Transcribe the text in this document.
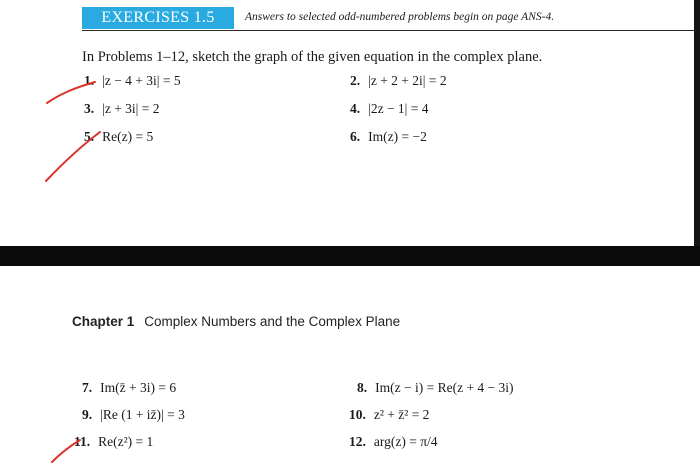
EXERCISES 1.5	Answers to selected odd-numbered problems begin on page ANS-4.
In Problems 1–12, sketch the graph of the given equation in the complex plane.
1. |z − 4 + 3i| = 5	2. |z + 2 + 2i| = 2
3. |z + 3i| = 2	4. |2z − 1| = 4
5. Re(z) = 5	6. Im(z) = −2
Chapter 1 Complex Numbers and the Complex Plane
7. Im(z̄ + 3i) = 6	8. Im(z − i) = Re(z + 4 − 3i)
9. |Re (1 + iz̄)| = 3	10. z² + z̄² = 2
11. Re(z²) = 1	12. arg(z) = π/4
